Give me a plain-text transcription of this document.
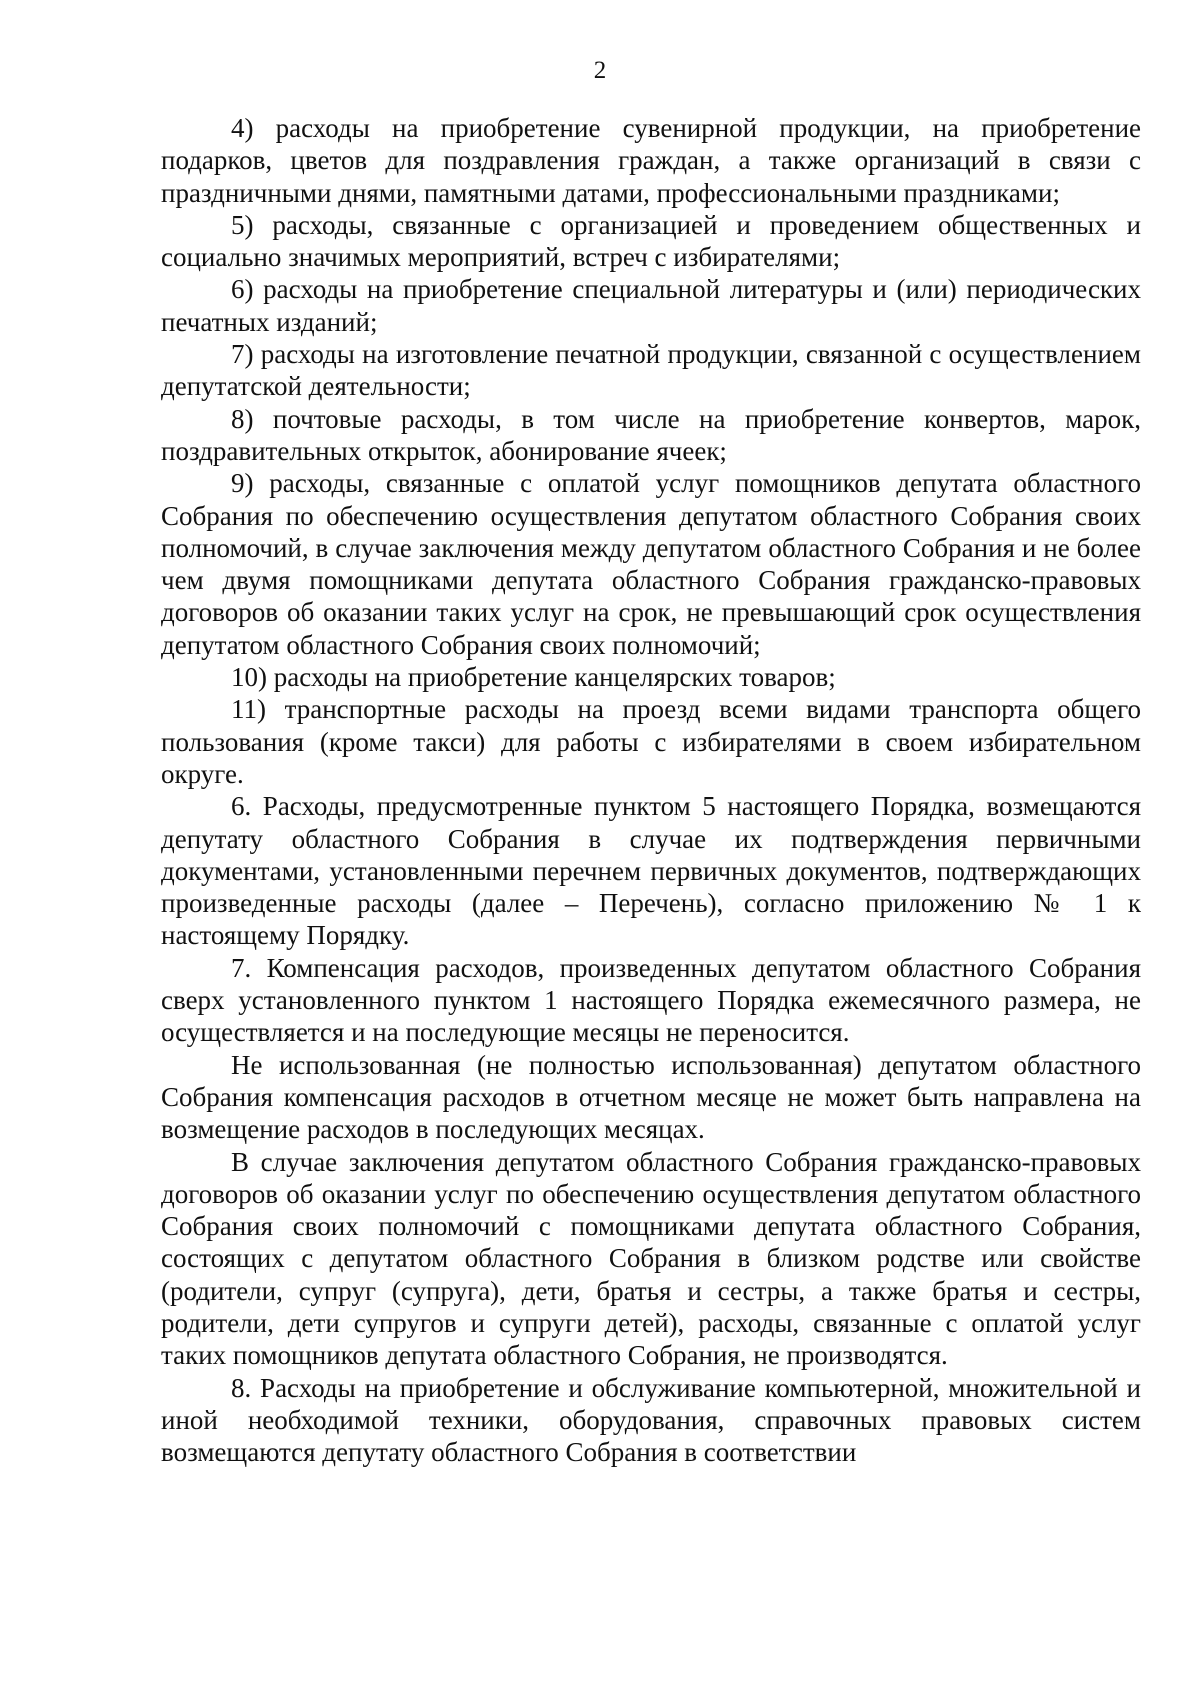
2

4) расходы на приобретение сувенирной продукции, на приобретение подарков, цветов для поздравления граждан, а также организаций в связи с праздничными днями, памятными датами, профессиональными праздниками;

5) расходы, связанные с организацией и проведением общественных и социально значимых мероприятий, встреч с избирателями;

6) расходы на приобретение специальной литературы и (или) периодических печатных изданий;

7) расходы на изготовление печатной продукции, связанной с осуществлением депутатской деятельности;

8) почтовые расходы, в том числе на приобретение конвертов, марок, поздравительных открыток, абонирование ячеек;

9) расходы, связанные с оплатой услуг помощников депутата областного Собрания по обеспечению осуществления депутатом областного Собрания своих полномочий, в случае заключения между депутатом областного Собрания и не более чем двумя помощниками депутата областного Собрания гражданско-правовых договоров об оказании таких услуг на срок, не превышающий срок осуществления депутатом областного Собрания своих полномочий;

10) расходы на приобретение канцелярских товаров;

11) транспортные расходы на проезд всеми видами транспорта общего пользования (кроме такси) для работы с избирателями в своем избирательном округе.

6. Расходы, предусмотренные пунктом 5 настоящего Порядка, возмещаются депутату областного Собрания в случае их подтверждения первичными документами, установленными перечнем первичных документов, подтверждающих произведенные расходы (далее – Перечень), согласно приложению № 1 к настоящему Порядку.

7. Компенсация расходов, произведенных депутатом областного Собрания сверх установленного пунктом 1 настоящего Порядка ежемесячного размера, не осуществляется и на последующие месяцы не переносится.

Не использованная (не полностью использованная) депутатом областного Собрания компенсация расходов в отчетном месяце не может быть направлена на возмещение расходов в последующих месяцах.

В случае заключения депутатом областного Собрания гражданско-правовых договоров об оказании услуг по обеспечению осуществления депутатом областного Собрания своих полномочий с помощниками депутата областного Собрания, состоящих с депутатом областного Собрания в близком родстве или свойстве (родители, супруг (супруга), дети, братья и сестры, а также братья и сестры, родители, дети супругов и супруги детей), расходы, связанные с оплатой услуг таких помощников депутата областного Собрания, не производятся.

8. Расходы на приобретение и обслуживание компьютерной, множительной и иной необходимой техники, оборудования, справочных правовых систем возмещаются депутату областного Собрания в соответствии
